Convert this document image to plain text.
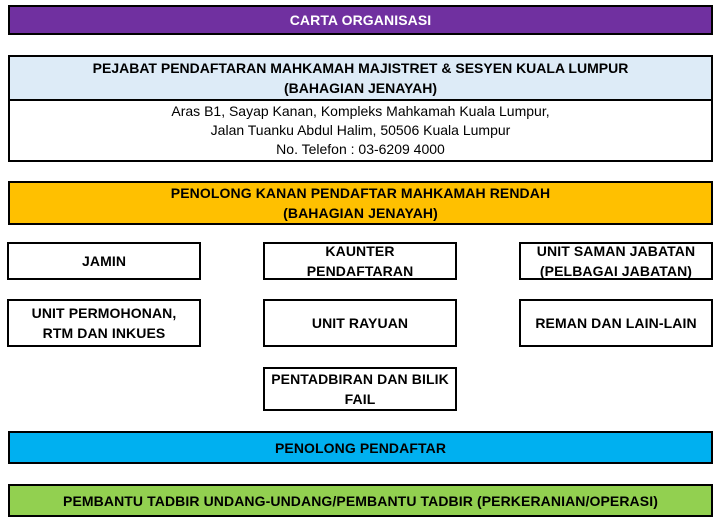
CARTA ORGANISASI
PEJABAT PENDAFTARAN MAHKAMAH MAJISTRET & SESYEN KUALA LUMPUR
(BAHAGIAN JENAYAH)
Aras B1, Sayap Kanan, Kompleks Mahkamah Kuala Lumpur,
Jalan Tuanku Abdul Halim, 50506 Kuala Lumpur
No. Telefon : 03-6209 4000
PENOLONG KANAN PENDAFTAR MAHKAMAH RENDAH
(BAHAGIAN JENAYAH)
JAMIN
KAUNTER
PENDAFTARAN
UNIT SAMAN JABATAN
(PELBAGAI JABATAN)
UNIT PERMOHONAN,
RTM DAN INKUES
UNIT RAYUAN	REMAN DAN LAIN-LAIN
PENTADBIRAN DAN BILIK
FAIL
PENOLONG PENDAFTAR
PEMBANTU TADBIR UNDANG-UNDANG/PEMBANTU TADBIR (PERKERANIAN/OPERASI)
